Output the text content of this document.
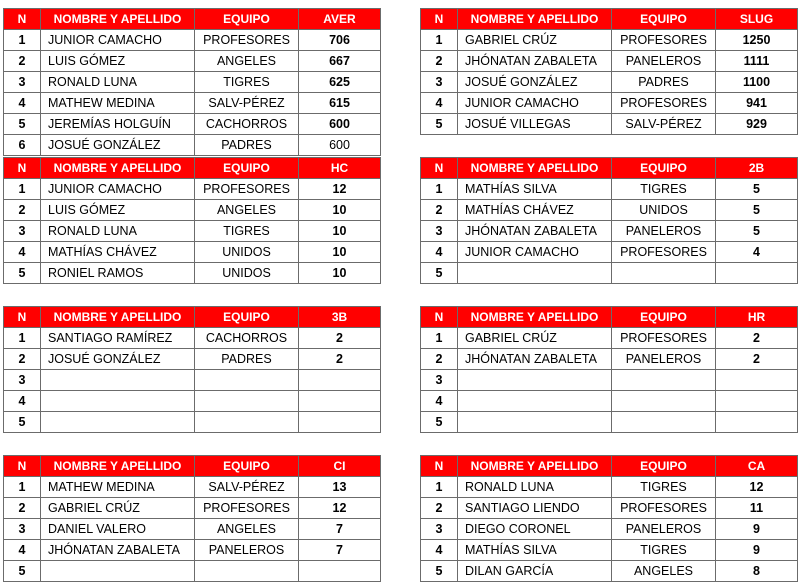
N	NOMBRE Y APELLIDO	EQUIPO	AVER
1	JUNIOR CAMACHO	PROFESORES	706
2	LUIS GÓMEZ	ANGELES	667
3	RONALD LUNA	TIGRES	625
4	MATHEW MEDINA	SALV-PÉREZ	615
5	JEREMÍAS HOLGUÍN	CACHORROS	600
6	JOSUÉ GONZÁLEZ	PADRES	600
N	NOMBRE Y APELLIDO	EQUIPO	SLUG
1	GABRIEL CRÚZ	PROFESORES	1250
2	JHÓNATAN ZABALETA	PANELEROS	1111
3	JOSUÉ GONZÁLEZ	PADRES	1100
4	JUNIOR CAMACHO	PROFESORES	941
5	JOSUÉ VILLEGAS	SALV-PÉREZ	929
N	NOMBRE Y APELLIDO	EQUIPO	HC
1	JUNIOR CAMACHO	PROFESORES	12
2	LUIS GÓMEZ	ANGELES	10
3	RONALD LUNA	TIGRES	10
4	MATHÍAS CHÁVEZ	UNIDOS	10
5	RONIEL RAMOS	UNIDOS	10
N	NOMBRE Y APELLIDO	EQUIPO	2B
1	MATHÍAS SILVA	TIGRES	5
2	MATHÍAS CHÁVEZ	UNIDOS	5
3	JHÓNATAN ZABALETA	PANELEROS	5
4	JUNIOR CAMACHO	PROFESORES	4
5			
N	NOMBRE Y APELLIDO	EQUIPO	3B
1	SANTIAGO RAMÍREZ	CACHORROS	2
2	JOSUÉ GONZÁLEZ	PADRES	2
3			
4			
5			
N	NOMBRE Y APELLIDO	EQUIPO	HR
1	GABRIEL CRÚZ	PROFESORES	2
2	JHÓNATAN ZABALETA	PANELEROS	2
3			
4			
5			
N	NOMBRE Y APELLIDO	EQUIPO	CI
1	MATHEW MEDINA	SALV-PÉREZ	13
2	GABRIEL CRÚZ	PROFESORES	12
3	DANIEL VALERO	ANGELES	7
4	JHÓNATAN ZABALETA	PANELEROS	7
5			
N	NOMBRE Y APELLIDO	EQUIPO	CA
1	RONALD LUNA	TIGRES	12
2	SANTIAGO LIENDO	PROFESORES	11
3	DIEGO CORONEL	PANELEROS	9
4	MATHÍAS SILVA	TIGRES	9
5	DILAN GARCÍA	ANGELES	8
